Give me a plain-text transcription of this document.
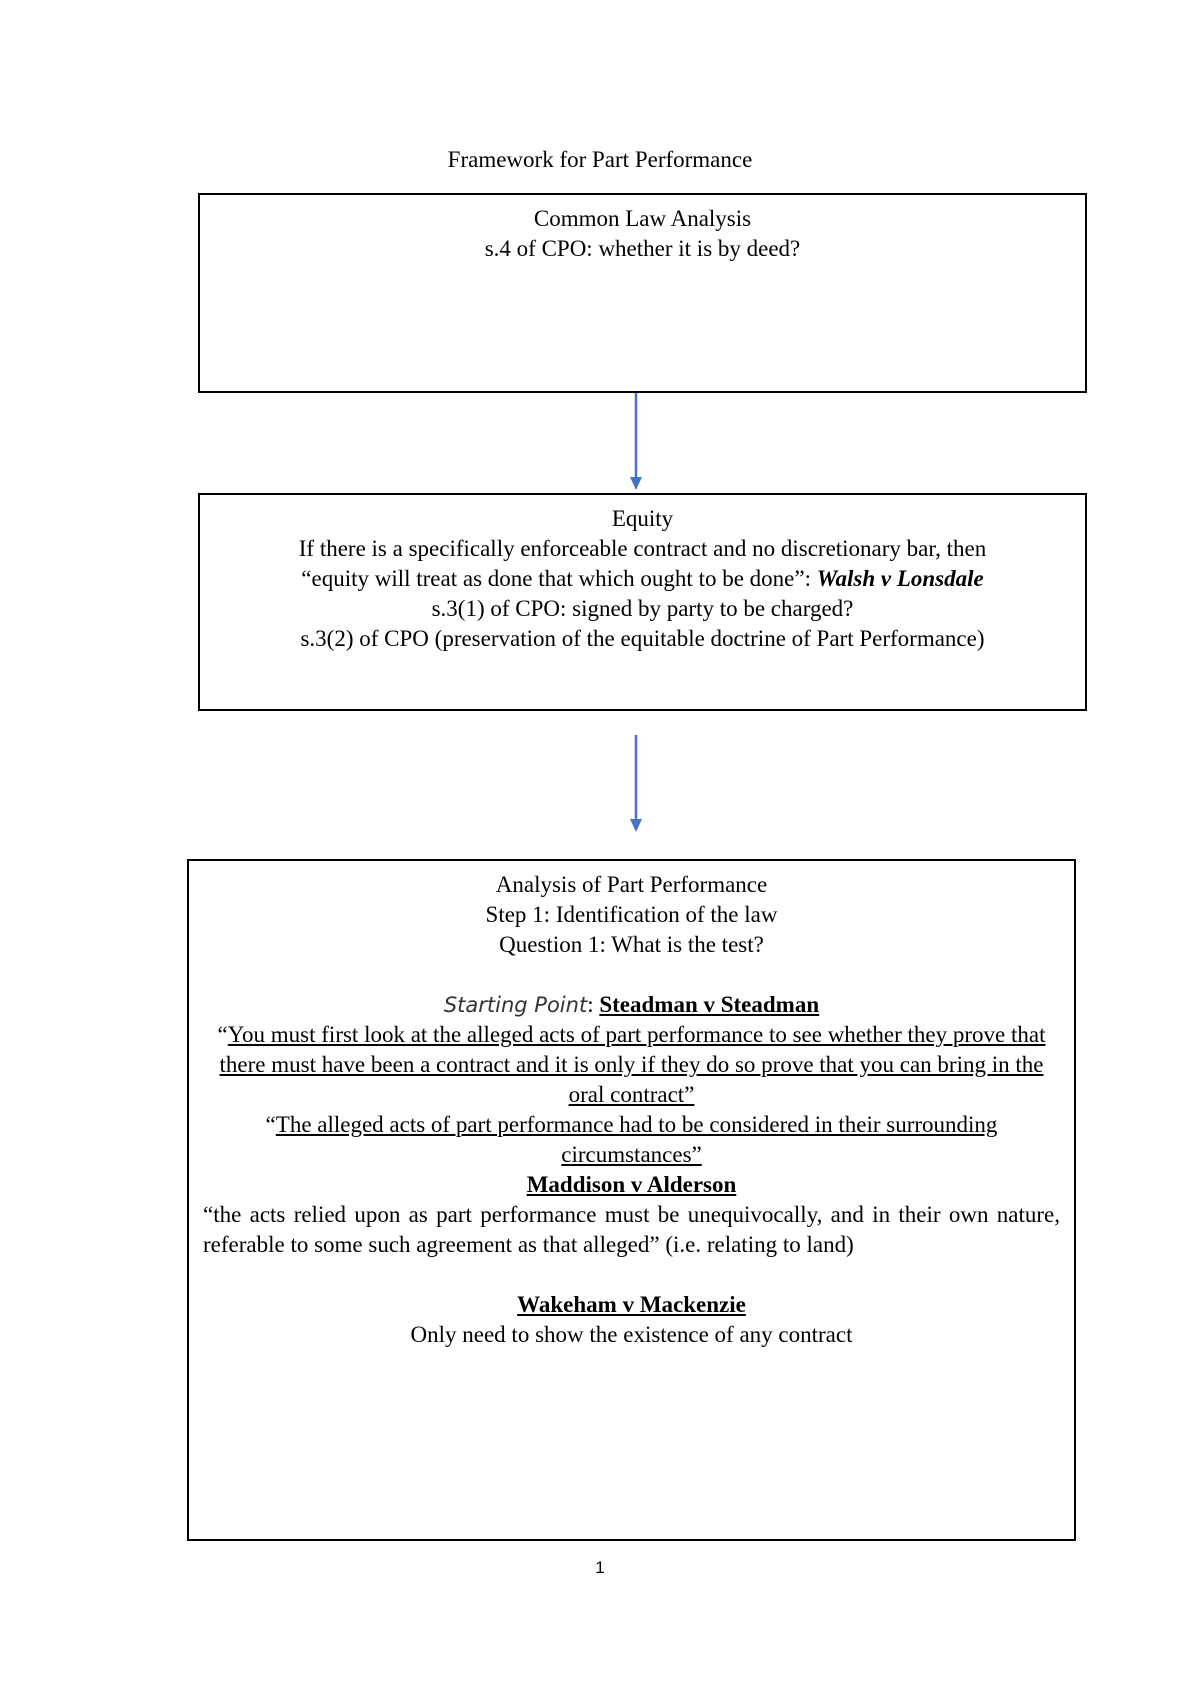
Framework for Part Performance

Common Law Analysis

s.4 of CPO: whether it is by deed?

Equity

If there is a specifically enforceable contract and no discretionary bar, then

“equity will treat as done that which ought to be done”: Walsh v Lonsdale

s.3(1) of CPO: signed by party to be charged?

s.3(2) of CPO (preservation of the equitable doctrine of Part Performance)

Analysis of Part Performance

Step 1: Identification of the law

Question 1: What is the test?

Starting Point: Steadman v Steadman

“You must first look at the alleged acts of part performance to see whether they prove that there must have been a contract and it is only if they do so prove that you can bring in the oral contract”

“The alleged acts of part performance had to be considered in their surrounding circumstances”

Maddison v Alderson

“the acts relied upon as part performance must be unequivocally, and in their own nature, referable to some such agreement as that alleged” (i.e. relating to land)

Wakeham v Mackenzie

Only need to show the existence of any contract

1
